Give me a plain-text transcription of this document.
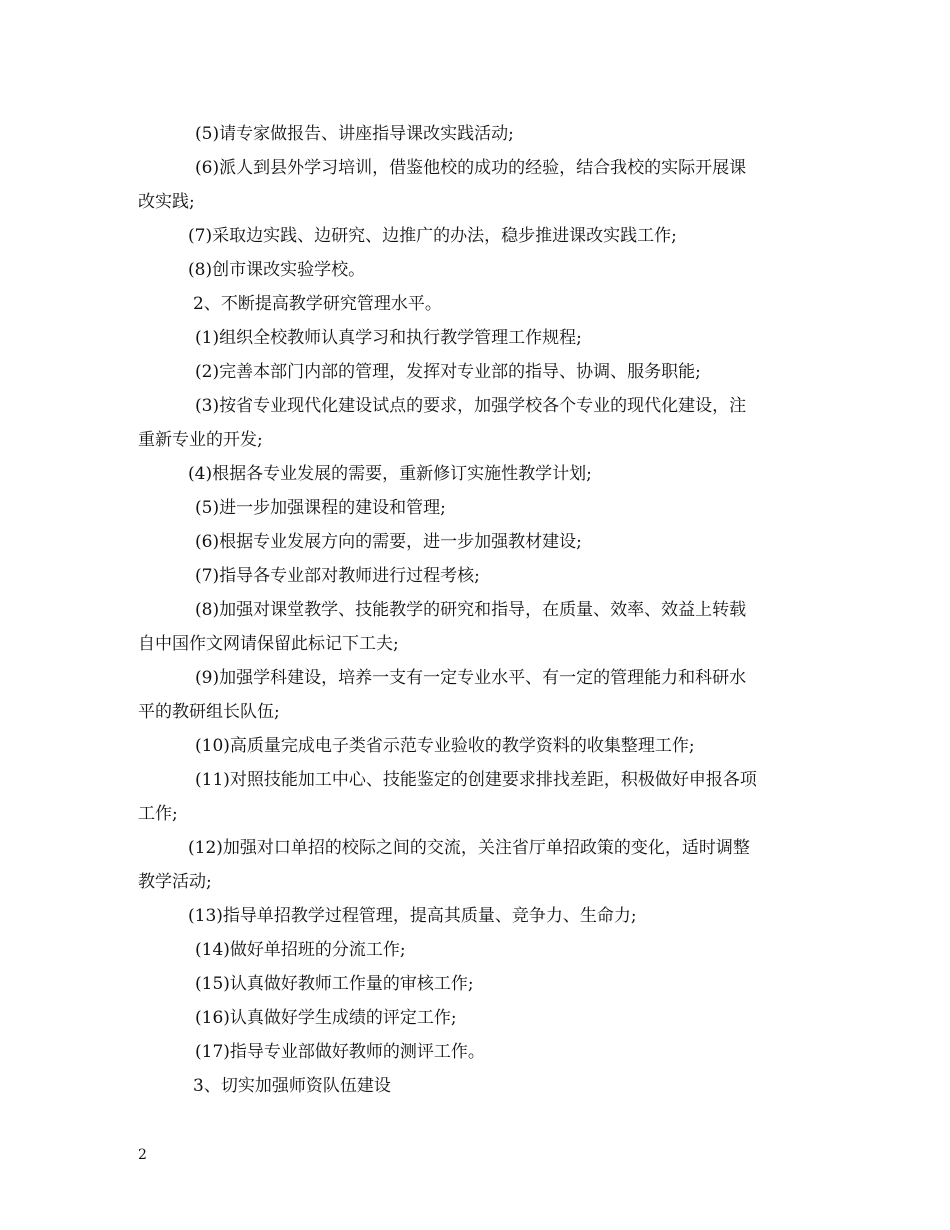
(5)请专家做报告、讲座指导课改实践活动;
(6)派人到县外学习培训，借鉴他校的成功的经验，结合我校的实际开展课
改实践;
(7)采取边实践、边研究、边推广的办法，稳步推进课改实践工作;
(8)创市课改实验学校。
2、不断提高教学研究管理水平。
(1)组织全校教师认真学习和执行教学管理工作规程;
(2)完善本部门内部的管理，发挥对专业部的指导、协调、服务职能;
(3)按省专业现代化建设试点的要求，加强学校各个专业的现代化建设，注
重新专业的开发;
(4)根据各专业发展的需要，重新修订实施性教学计划;
(5)进一步加强课程的建设和管理;
(6)根据专业发展方向的需要，进一步加强教材建设;
(7)指导各专业部对教师进行过程考核;
(8)加强对课堂教学、技能教学的研究和指导，在质量、效率、效益上转载
自中国作文网请保留此标记下工夫;
(9)加强学科建设，培养一支有一定专业水平、有一定的管理能力和科研水
平的教研组长队伍;
(10)高质量完成电子类省示范专业验收的教学资料的收集整理工作;
(11)对照技能加工中心、技能鉴定的创建要求排找差距，积极做好申报各项
工作;
(12)加强对口单招的校际之间的交流，关注省厅单招政策的变化，适时调整
教学活动;
(13)指导单招教学过程管理，提高其质量、竞争力、生命力;
(14)做好单招班的分流工作;
(15)认真做好教师工作量的审核工作;
(16)认真做好学生成绩的评定工作;
(17)指导专业部做好教师的测评工作。
3、切实加强师资队伍建设
2
